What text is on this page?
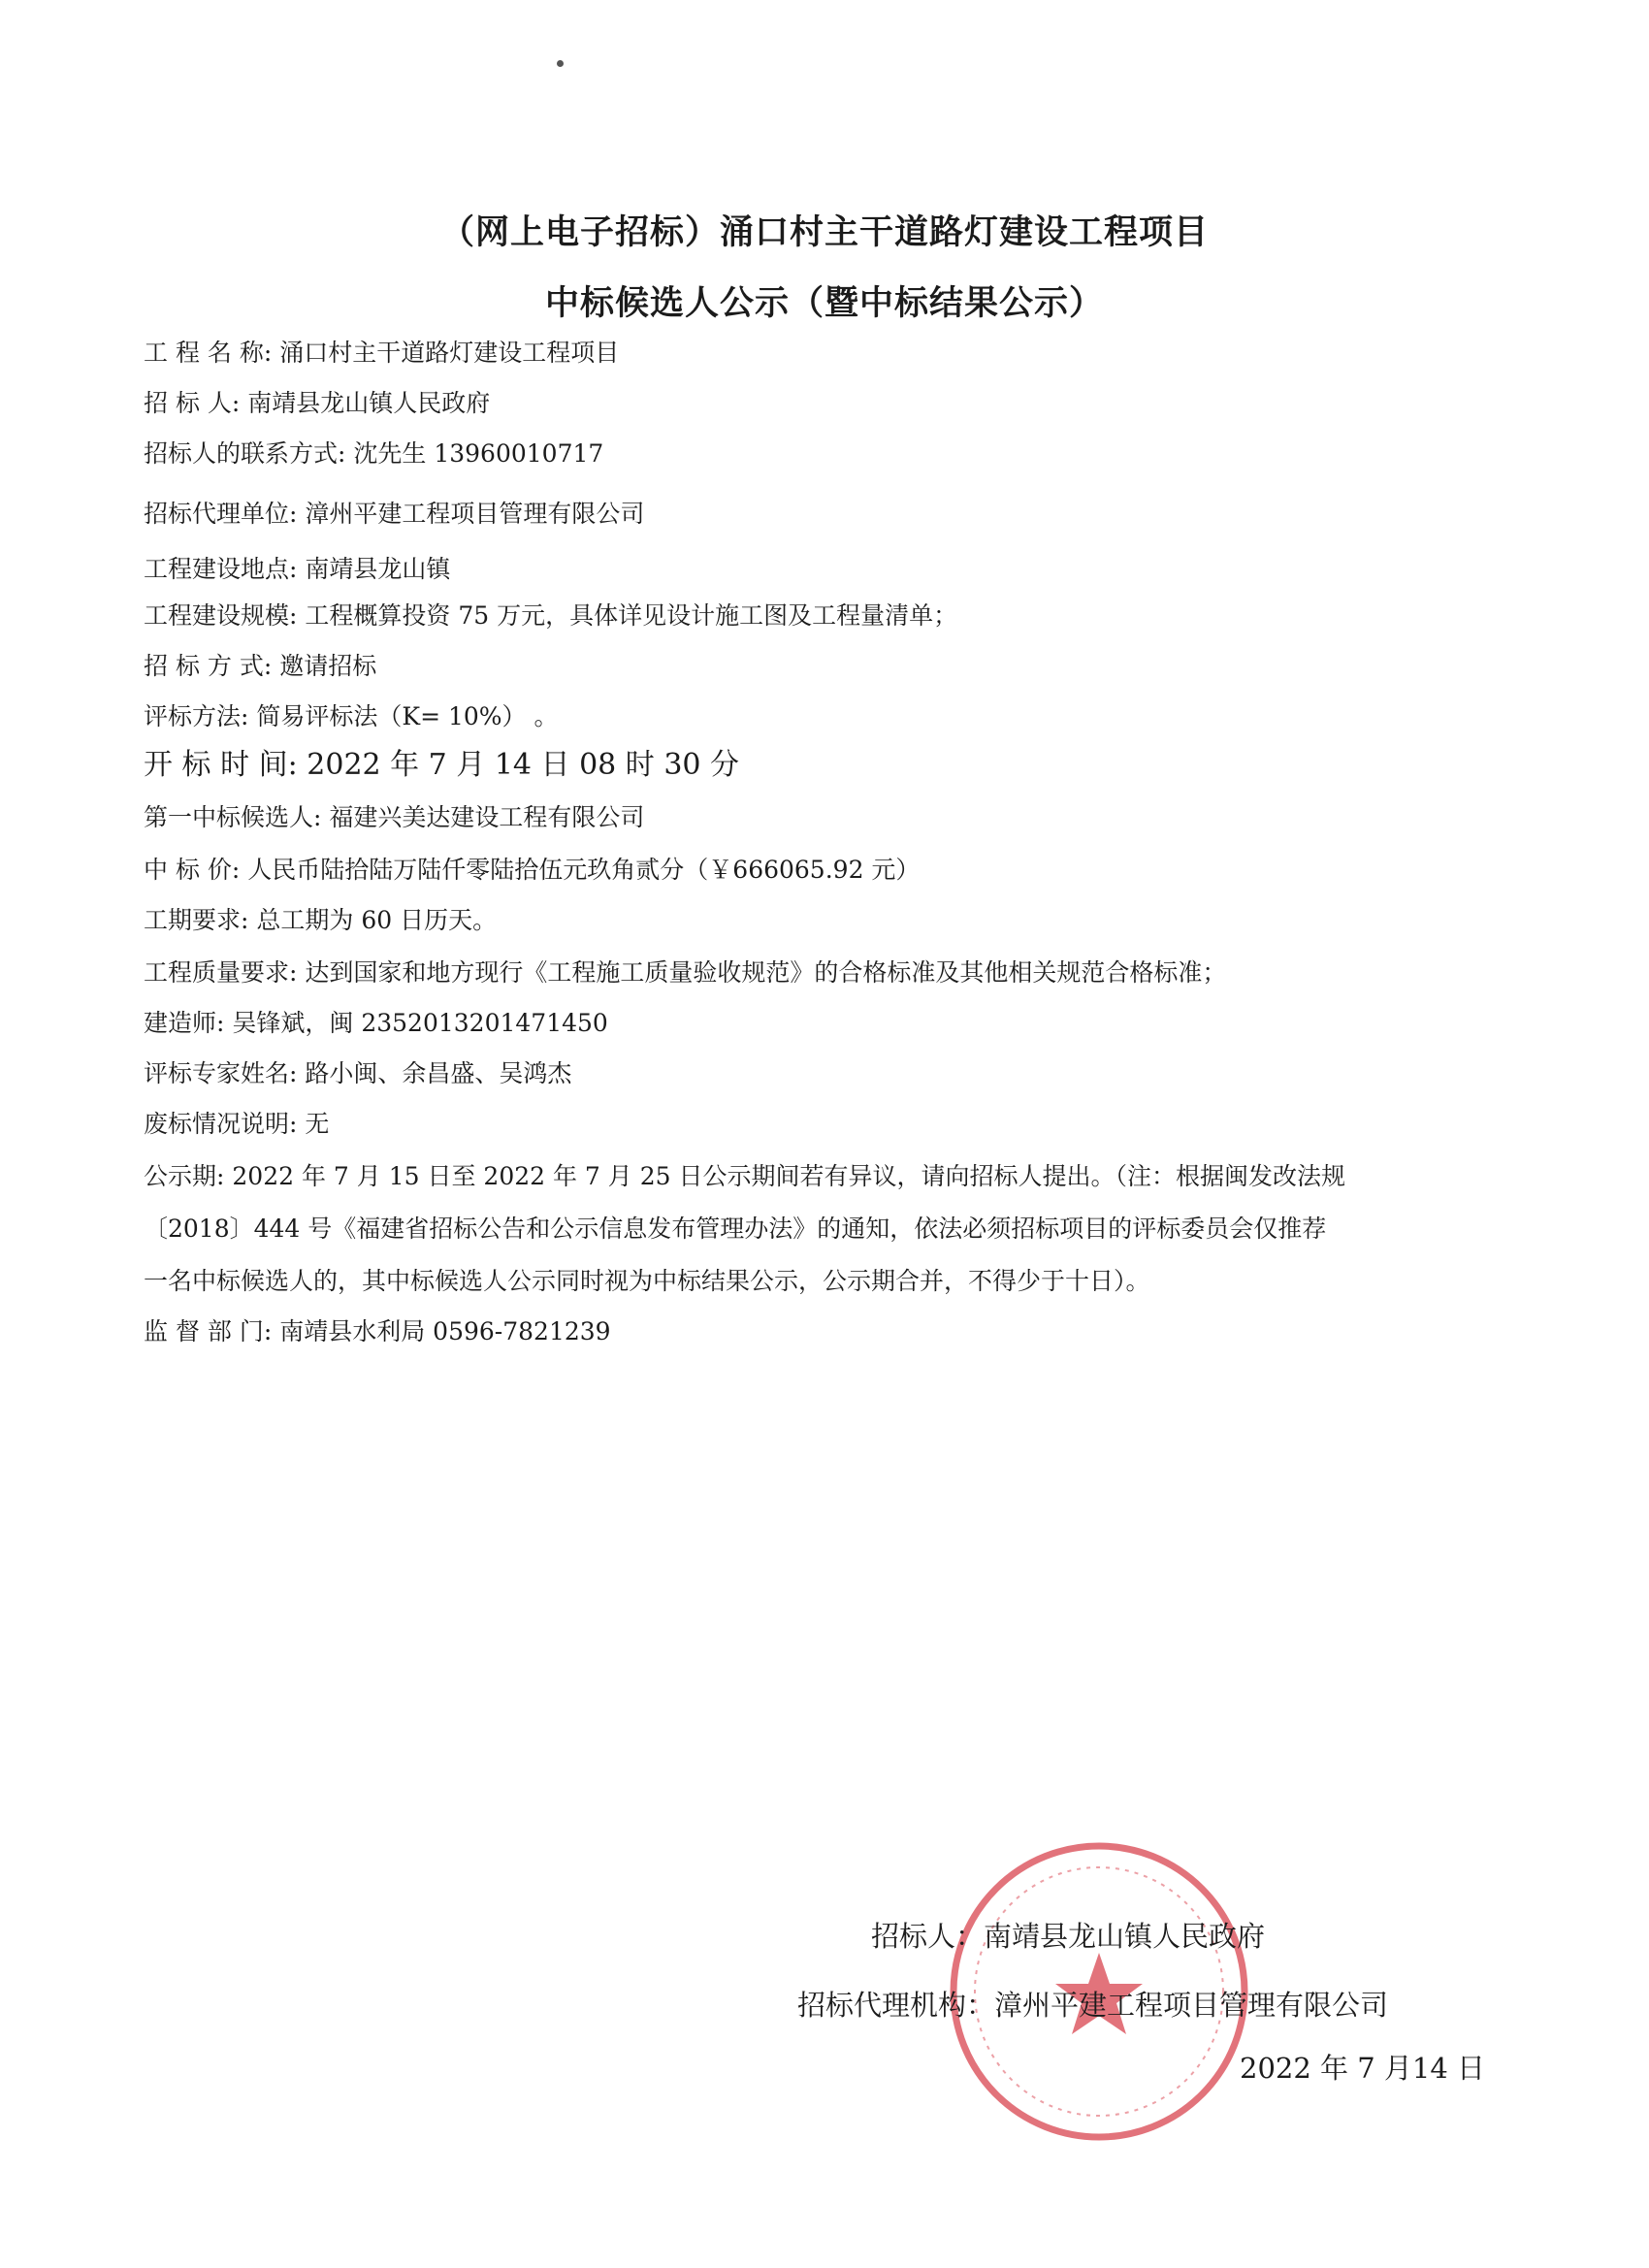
（网上电子招标）涌口村主干道路灯建设工程项目
中标候选人公示（暨中标结果公示）
工 程 名 称: 涌口村主干道路灯建设工程项目
招 标 人: 南靖县龙山镇人民政府
招标人的联系方式: 沈先生 13960010717
招标代理单位: 漳州平建工程项目管理有限公司
工程建设地点: 南靖县龙山镇
工程建设规模: 工程概算投资 75 万元，具体详见设计施工图及工程量清单；
招 标 方 式: 邀请招标
评标方法: 简易评标法（K= 10%） 。
开 标 时 间: 2022 年 7 月 14 日 08 时 30 分
第一中标候选人: 福建兴美达建设工程有限公司
中 标 价: 人民币陆拾陆万陆仟零陆拾伍元玖角贰分（￥666065.92 元）
工期要求: 总工期为 60 日历天。
工程质量要求: 达到国家和地方现行《工程施工质量验收规范》的合格标准及其他相关规范合格标准；
建造师: 吴锋斌，闽 2352013201471450
评标专家姓名: 路小闽、余昌盛、吴鸿杰
废标情况说明: 无
公示期: 2022 年 7 月 15 日至 2022 年 7 月 25 日公示期间若有异议，请向招标人提出。（注：根据闽发改法规
〔2018〕444 号《福建省招标公告和公示信息发布管理办法》的通知，依法必须招标项目的评标委员会仅推荐
一名中标候选人的，其中标候选人公示同时视为中标结果公示，公示期合并，不得少于十日）。
监 督 部 门: 南靖县水利局 0596-7821239
招标人：南靖县龙山镇人民政府
招标代理机构：漳州平建工程项目管理有限公司
2022 年 7 月14 日
